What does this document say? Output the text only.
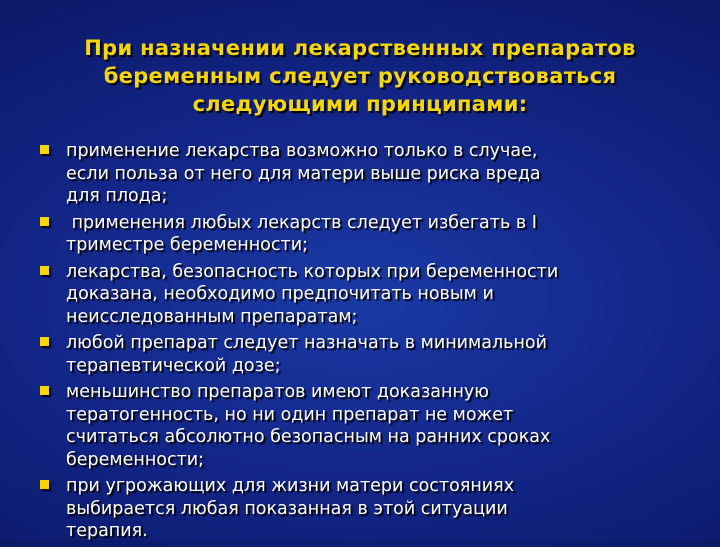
При назначении лекарственных препаратов
беременным следует руководствоваться
следующими принципами:
применение лекарства возможно только в случае,
если польза от него для матери выше риска вреда
для плода;
применения любых лекарств следует избегать в I
триместре беременности;
лекарства, безопасность которых при беременности
доказана, необходимо предпочитать новым и
неисследованным препаратам;
любой препарат следует назначать в минимальной
терапевтической дозе;
меньшинство препаратов имеют доказанную
тератогенность, но ни один препарат не может
считаться абсолютно безопасным на ранних сроках
беременности;
при угрожающих для жизни матери состояниях
выбирается любая показанная в этой ситуации
терапия.
